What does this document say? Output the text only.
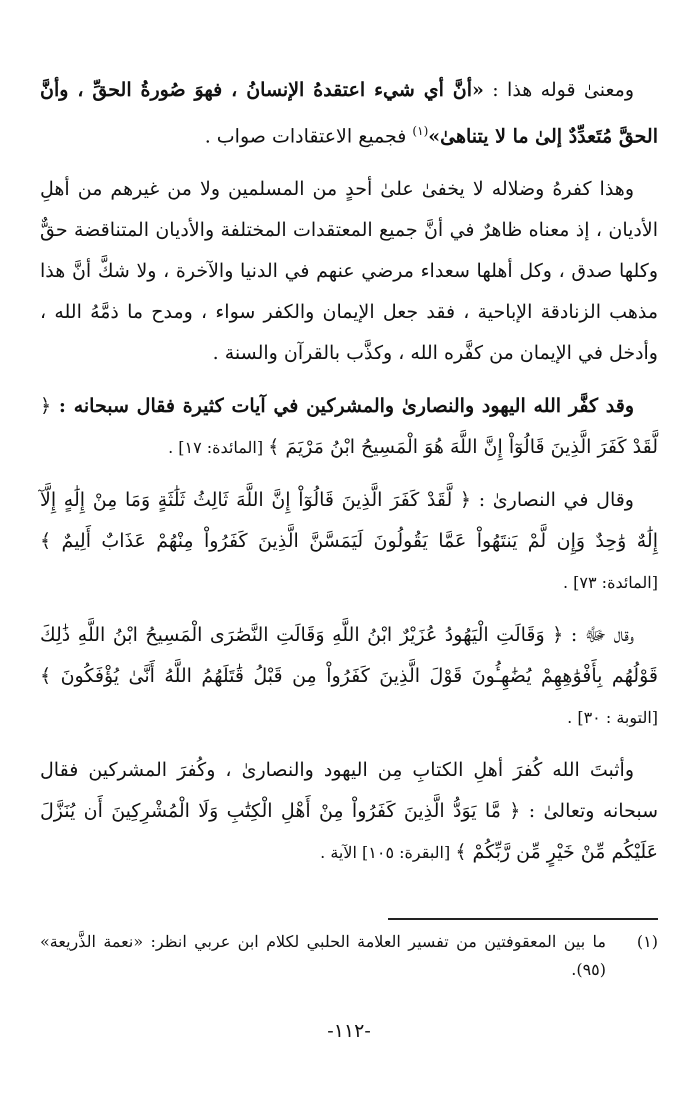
ومعنىٰ قوله هذا : «أنَّ أي شيء اعتقدهُ الإنسانُ ، فهوَ صُورةُ الحقِّ ، وأنَّ الحقَّ مُتَعدِّدٌ إلىٰ ما لا يتناهىٰ»$^{(١)}$ فجميع الاعتقادات صواب .

وهذا كفرهُ وضلاله لا يخفىٰ علىٰ أحدٍ من المسلمين ولا من غيرهم من أهلِ الأديان ، إذ معناه ظاهرٌ في أنَّ جميع المعتقدات المختلفة والأديان المتناقضة حقٌّ وكلها صدق ، وكل أهلها سعداء مرضي عنهم في الدنيا والآخرة ، ولا شكَّ أنَّ هذا مذهب الزنادقة الإباحية ، فقد جعل الإيمان والكفر سواء ، ومدح ما ذمَّهُ الله ، وأدخل في الإيمان من كفَّره الله ، وكذَّب بالقرآن والسنة .

وقد كفَّر الله اليهود والنصارىٰ والمشركين في آيات كثيرة فقال سبحانه : ﴿ لَّقَدْ كَفَرَ الَّذِينَ قَالُوٓاْ إِنَّ اللَّهَ هُوَ الْمَسِيحُ ابْنُ مَرْيَمَ ﴾ [المائدة: ١٧] .

وقال في النصارىٰ : ﴿ لَّقَدْ كَفَرَ الَّذِينَ قَالُوٓاْ إِنَّ اللَّهَ ثَالِثُ ثَلَٰثَةٍ وَمَا مِنْ إِلَٰهٍ إِلَّآ إِلَٰهٌ وَٰحِدٌ وَإِن لَّمْ يَنتَهُواْ عَمَّا يَقُولُونَ لَيَمَسَّنَّ الَّذِينَ كَفَرُواْ مِنْهُمْ عَذَابٌ أَلِيمٌ ﴾ [المائدة: ٧٣] .

وقال ﷻ : ﴿ وَقَالَتِ الْيَهُودُ عُزَيْرٌ ابْنُ اللَّهِ وَقَالَتِ النَّصَٰرَى الْمَسِيحُ ابْنُ اللَّهِ ذَٰلِكَ قَوْلُهُم بِأَفْوَٰهِهِمْ يُضَٰهِـُٔونَ قَوْلَ الَّذِينَ كَفَرُواْ مِن قَبْلُ قَٰتَلَهُمُ اللَّهُ أَنَّىٰ يُؤْفَكُونَ ﴾ [التوبة : ٣٠] .

وأثبتَ الله كُفرَ أهلِ الكتابِ مِن اليهود والنصارىٰ ، وكُفرَ المشركين فقال سبحانه وتعالىٰ : ﴿ مَّا يَوَدُّ الَّذِينَ كَفَرُواْ مِنْ أَهْلِ الْكِتَٰبِ وَلَا الْمُشْرِكِينَ أَن يُنَزَّلَ عَلَيْكُم مِّنْ خَيْرٍ مِّن رَّبِّكُمْ ﴾ [البقرة: ١٠٥] الآية .

(١)
ما بين المعقوفتين من تفسير العلامة الحلبي لكلام ابن عربي انظر: «نعمة الذَّريعة» (٩٥).
-١١٢-
